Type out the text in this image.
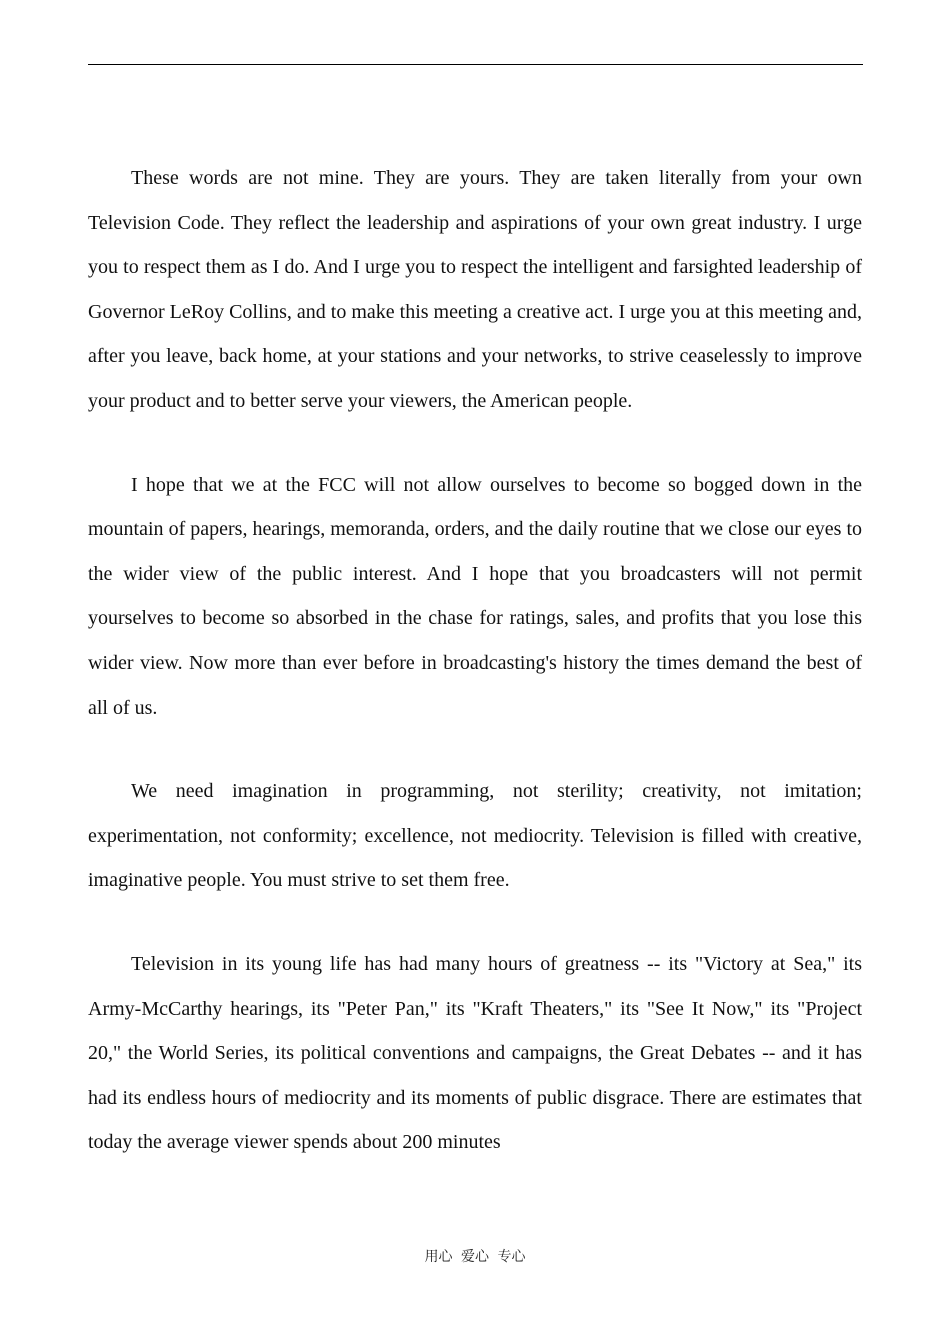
These words are not mine. They are yours. They are taken literally from your own Television Code. They reflect the leadership and aspirations of your own great industry. I urge you to respect them as I do. And I urge you to respect the intelligent and farsighted leadership of Governor LeRoy Collins, and to make this meeting a creative act. I urge you at this meeting and, after you leave, back home, at your stations and your networks, to strive ceaselessly to improve your product and to better serve your viewers, the American people.

I hope that we at the FCC will not allow ourselves to become so bogged down in the mountain of papers, hearings, memoranda, orders, and the daily routine that we close our eyes to the wider view of the public interest. And I hope that you broadcasters will not permit yourselves to become so absorbed in the chase for ratings, sales, and profits that you lose this wider view. Now more than ever before in broadcasting's history the times demand the best of all of us.

We need imagination in programming, not sterility; creativity, not imitation; experimentation, not conformity; excellence, not mediocrity. Television is filled with creative, imaginative people. You must strive to set them free.

Television in its young life has had many hours of greatness -- its "Victory at Sea," its Army-McCarthy hearings, its "Peter Pan," its "Kraft Theaters," its "See It Now," its "Project 20," the World Series, its political conventions and campaigns, the Great Debates -- and it has had its endless hours of mediocrity and its moments of public disgrace. There are estimates that today the average viewer spends about 200 minutes

用心 爱心 专心
